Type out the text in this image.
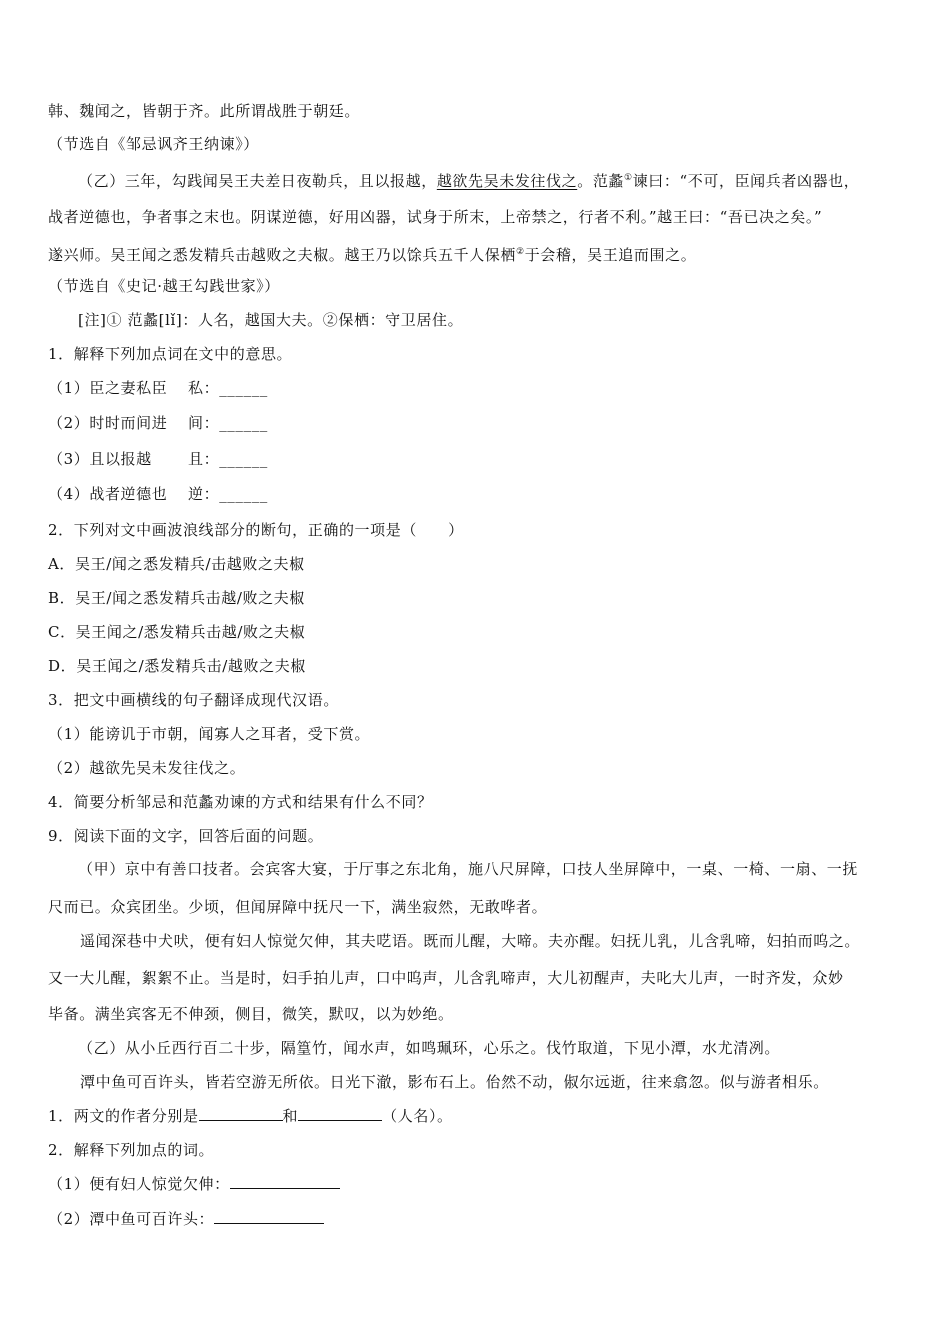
韩、魏闻之，皆朝于齐。此所谓战胜于朝廷。
（节选自《邹忌讽齐王纳谏》）
（乙）三年，勾践闻吴王夫差日夜勒兵，且以报越，越欲先吴未发往伐之。范蠡①谏曰：“不可，臣闻兵者凶器也，
战者逆德也，争者事之末也。阴谋逆德，好用凶器，试身于所末，上帝禁之，行者不利。”越王曰：“吾已决之矣。”
遂兴师。吴王闻之悉发精兵击越败之夫椒。越王乃以馀兵五千人保栖②于会稽，吴王追而围之。
（节选自《史记·越王勾践世家》）
[注]① 范蠡[lǐ]：人名，越国大夫。②保栖：守卫居住。
1．解释下列加点词在文中的意思。
（1）臣之妻私臣 私：______
（2）时时而间进 间：______
（3）且以报越 且：______
（4）战者逆德也 逆：______
2．下列对文中画波浪线部分的断句，正确的一项是（　　）
A．吴王/闻之悉发精兵/击越败之夫椒
B．吴王/闻之悉发精兵击越/败之夫椒
C．吴王闻之/悉发精兵击越/败之夫椒
D．吴王闻之/悉发精兵击/越败之夫椒
3．把文中画横线的句子翻译成现代汉语。
（1）能谤讥于市朝，闻寡人之耳者，受下赏。
（2）越欲先吴未发往伐之。
4．简要分析邹忌和范蠡劝谏的方式和结果有什么不同？
9．阅读下面的文字，回答后面的问题。
（甲）京中有善口技者。会宾客大宴，于厅事之东北角，施八尺屏障，口技人坐屏障中，一桌、一椅、一扇、一抚
尺而已。众宾团坐。少顷，但闻屏障中抚尺一下，满坐寂然，无敢哗者。
遥闻深巷中犬吠，便有妇人惊觉欠伸，其夫呓语。既而儿醒，大啼。夫亦醒。妇抚儿乳，儿含乳啼，妇拍而呜之。
又一大儿醒，絮絮不止。当是时，妇手拍儿声，口中呜声，儿含乳啼声，大儿初醒声，夫叱大儿声，一时齐发，众妙
毕备。满坐宾客无不伸颈，侧目，微笑，默叹，以为妙绝。
（乙）从小丘西行百二十步，隔篁竹，闻水声，如鸣珮环，心乐之。伐竹取道，下见小潭，水尤清冽。
潭中鱼可百许头，皆若空游无所依。日光下澈，影布石上。佁然不动，俶尔远逝，往来翕忽。似与游者相乐。
1．两文的作者分别是	和	（人名）。
2．解释下列加点的词。
（1）便有妇人惊觉欠伸：
（2）潭中鱼可百许头：
